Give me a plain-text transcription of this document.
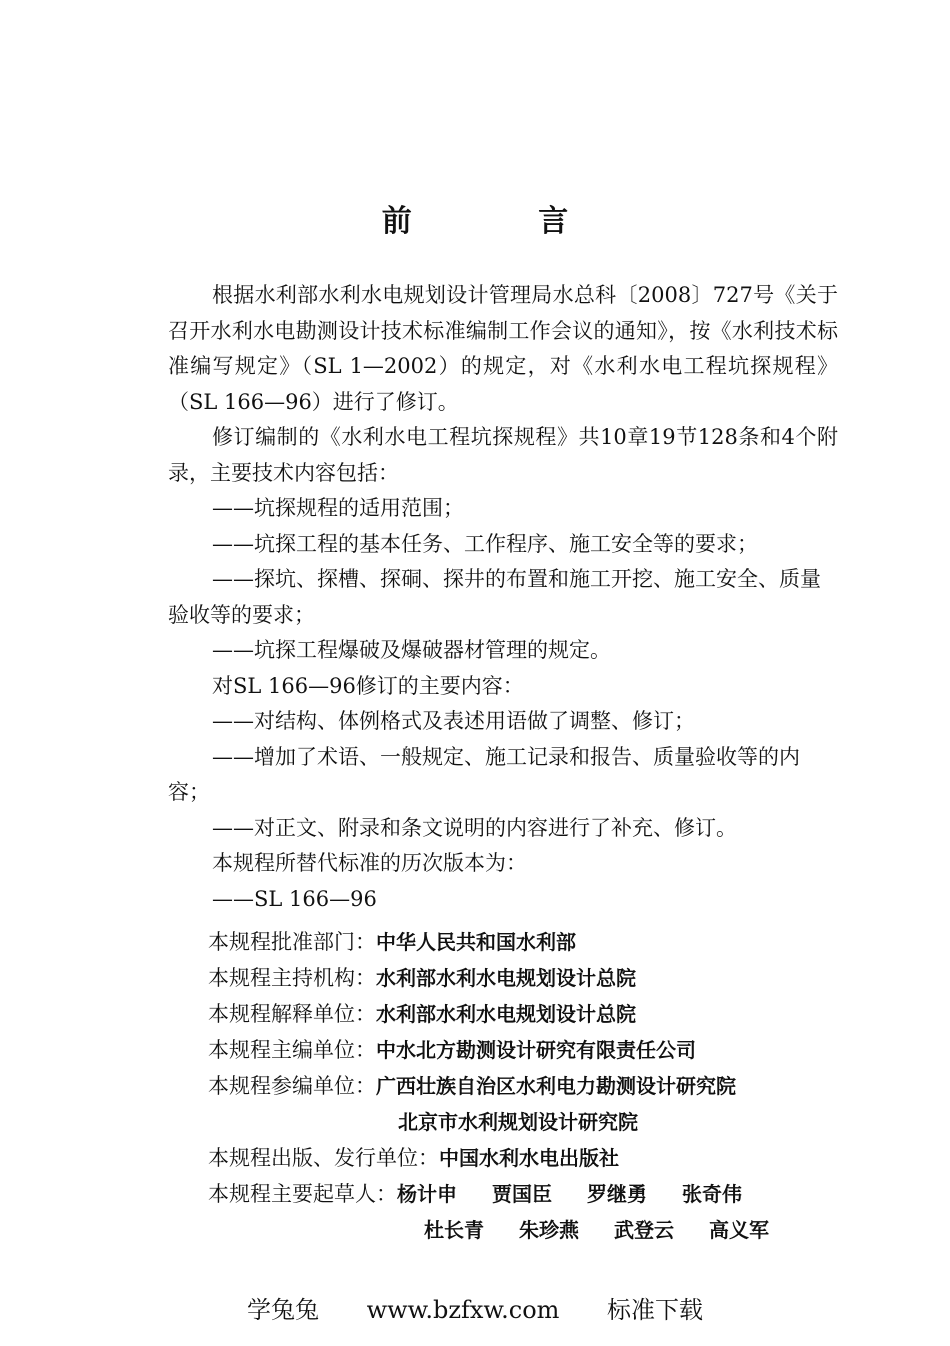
前 言

根据水利部水利水电规划设计管理局水总科〔2008〕727号《关于召开水利水电勘测设计技术标准编制工作会议的通知》，按《水利技术标准编写规定》（SL 1—2002）的规定，对《水利水电工程坑探规程》（SL 166—96）进行了修订。

修订编制的《水利水电工程坑探规程》共10章19节128条和4个附录，主要技术内容包括：

——坑探规程的适用范围；

——坑探工程的基本任务、工作程序、施工安全等的要求；

——探坑、探槽、探硐、探井的布置和施工开挖、施工安全、质量验收等的要求；

——坑探工程爆破及爆破器材管理的规定。

对SL 166—96修订的主要内容：

——对结构、体例格式及表述用语做了调整、修订；

——增加了术语、一般规定、施工记录和报告、质量验收等的内容；

——对正文、附录和条文说明的内容进行了补充、修订。

本规程所替代标准的历次版本为：

——SL 166—96

本规程批准部门： 中华人民共和国水利部
本规程主持机构： 水利部水利水电规划设计总院
本规程解释单位： 水利部水利水电规划设计总院
本规程主编单位： 中水北方勘测设计研究有限责任公司
本规程参编单位： 广西壮族自治区水利电力勘测设计研究院
北京市水利规划设计研究院
本规程出版、发行单位： 中国水利水电出版社
本规程主要起草人： 杨计申	贾国臣	罗继勇	张奇伟
杜长青	朱珍燕	武登云	高义军
学兔兔 www.bzfxw.com 标准下载
